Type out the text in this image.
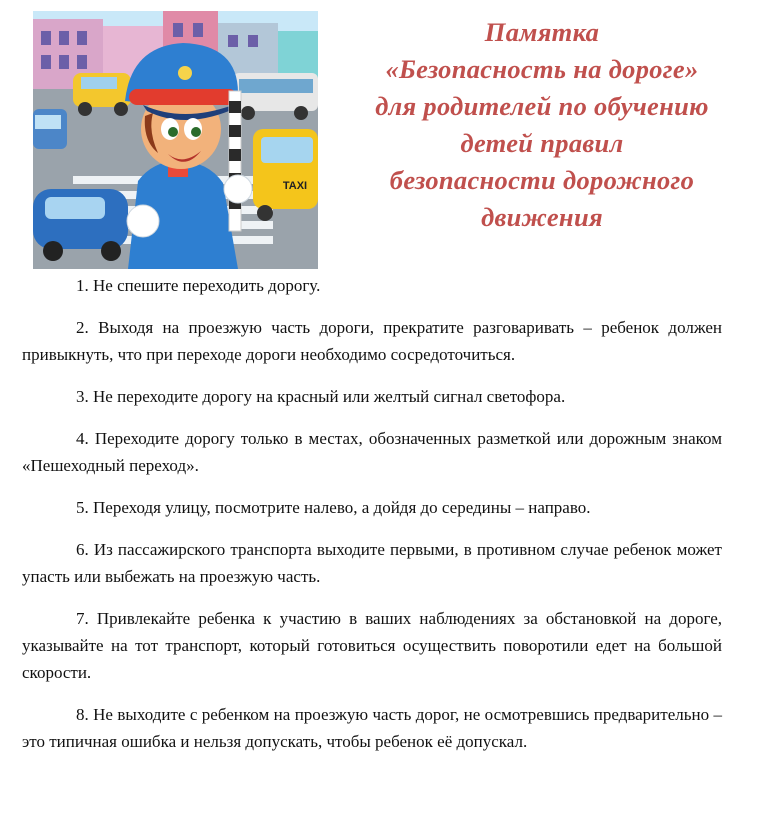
TAXI
Памятка
«Безопасность на дороге»
для родителей по обучению
детей правил
безопасности дорожного
движения

1. Не спешите переходить дорогу.

2. Выходя на проезжую часть дороги, прекратите разговаривать – ребенок должен привыкнуть, что при переходе дороги необходимо сосредоточиться.

3. Не переходите дорогу на красный или желтый сигнал светофора.

4. Переходите дорогу только в местах, обозначенных разметкой или дорожным знаком «Пешеходный переход».

5. Переходя улицу, посмотрите налево, а дойдя до середины – направо.

6. Из пассажирского транспорта выходите первыми, в противном случае ребенок может упасть или выбежать на проезжую часть.

7. Привлекайте ребенка к участию в ваших наблюдениях за обстановкой на дороге, указывайте на тот транспорт, который готовиться осуществить поворотили едет на большой скорости.

8. Не выходите с ребенком на проезжую часть дорог, не осмотревшись предварительно – это типичная ошибка и нельзя допускать, чтобы ребенок её допускал.
